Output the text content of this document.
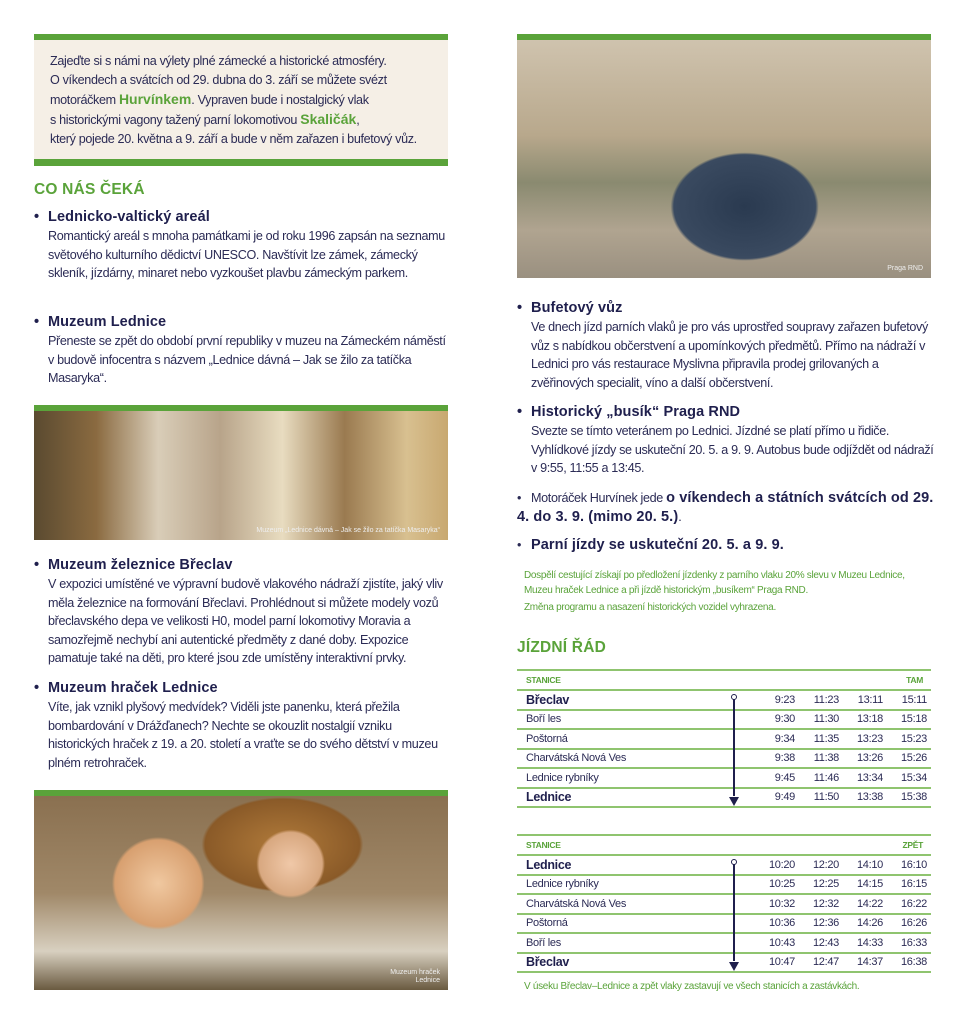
Zajeďte si s námi na výlety plné zámecké a historické atmosféry.
O víkendech a svátcích od 29. dubna do 3. září se můžete svézt
motoráčkem Hurvínkem. Vypraven bude i nostalgický vlak
s historickými vagony tažený parní lokomotivou Skaličák,
který pojede 20. května a 9. září a bude v něm zařazen i bufetový vůz.
CO NÁS ČEKÁ
• Lednicko-valtický areál

Romantický areál s mnoha památkami je od roku 1996 zapsán na seznamu světového kulturního dědictví UNESCO. Navštívit lze zámek, zámecký skleník, jízdárny, minaret nebo vyzkoušet plavbu zámeckým parkem.

• Muzeum Lednice

Přeneste se zpět do období první republiky v muzeu na Zámeckém náměstí v budově infocentra s názvem „Lednice dávná – Jak se žilo za tatíčka Masaryka“.

Muzeum „Lednice dávná – Jak se žilo za tatíčka Masaryka“
• Muzeum železnice Břeclav

V expozici umístěné ve výpravní budově vlakového nádraží zjistíte, jaký vliv měla železnice na formování Břeclavi. Prohlédnout si můžete modely vozů břeclavského depa ve velikosti H0, model parní lokomotivy Moravia a samozřejmě nechybí ani autentické předměty z dané doby. Expozice pamatuje také na děti, pro které jsou zde umístěny interaktivní prvky.

• Muzeum hraček Lednice

Víte, jak vznikl plyšový medvídek? Viděli jste panenku, která přežila bombardování v Drážďanech? Nechte se okouzlit nostalgií vzniku historických hraček z 19. a 20. století a vraťte se do svého dětství v muzeu plném retrohraček.

Muzeum hraček
Lednice
Praga RND
• Bufetový vůz

Ve dnech jízd parních vlaků je pro vás uprostřed soupravy zařazen bufetový vůz s nabídkou občerstvení a upomínkových předmětů. Přímo na nádraží v Lednici pro vás restaurace Myslivna připravila prodej grilovaných a zvěřinových specialit, víno a další občerstvení.

• Historický „busík“ Praga RND

Svezte se tímto veteránem po Lednici. Jízdné se platí přímo u řidiče. Vyhlídkové jízdy se uskuteční 20. 5. a 9. 9. Autobus bude odjíždět od nádraží v 9:55, 11:55 a 13:45.

• Motoráček Hurvínek jede o víkendech a státních svátcích od 29. 4. do 3. 9. (mimo 20. 5.).
• Parní jízdy se uskuteční 20. 5. a 9. 9.
Dospělí cestující získají po předložení jízdenky z parního vlaku 20% slevu v Muzeu Lednice, Muzeu hraček Lednice a při jízdě historickým „busíkem“ Praga RND.
Změna programu a nasazení historických vozidel vyhrazena.
JÍZDNÍ ŘÁD
STANICE	TAM				
Břeclav		9:23	11:23	13:11	15:11
Boří les		9:30	11:30	13:18	15:18
Poštorná		9:34	11:35	13:23	15:23
Charvátská Nová Ves		9:38	11:38	13:26	15:26
Lednice rybníky		9:45	11:46	13:34	15:34
Lednice		9:49	11:50	13:38	15:38
STANICE	ZPĚT				
Lednice		10:20	12:20	14:10	16:10
Lednice rybníky		10:25	12:25	14:15	16:15
Charvátská Nová Ves		10:32	12:32	14:22	16:22
Poštorná		10:36	12:36	14:26	16:26
Boří les		10:43	12:43	14:33	16:33
Břeclav		10:47	12:47	14:37	16:38
V úseku Břeclav–Lednice a zpět vlaky zastavují ve všech stanicích a zastávkách.
